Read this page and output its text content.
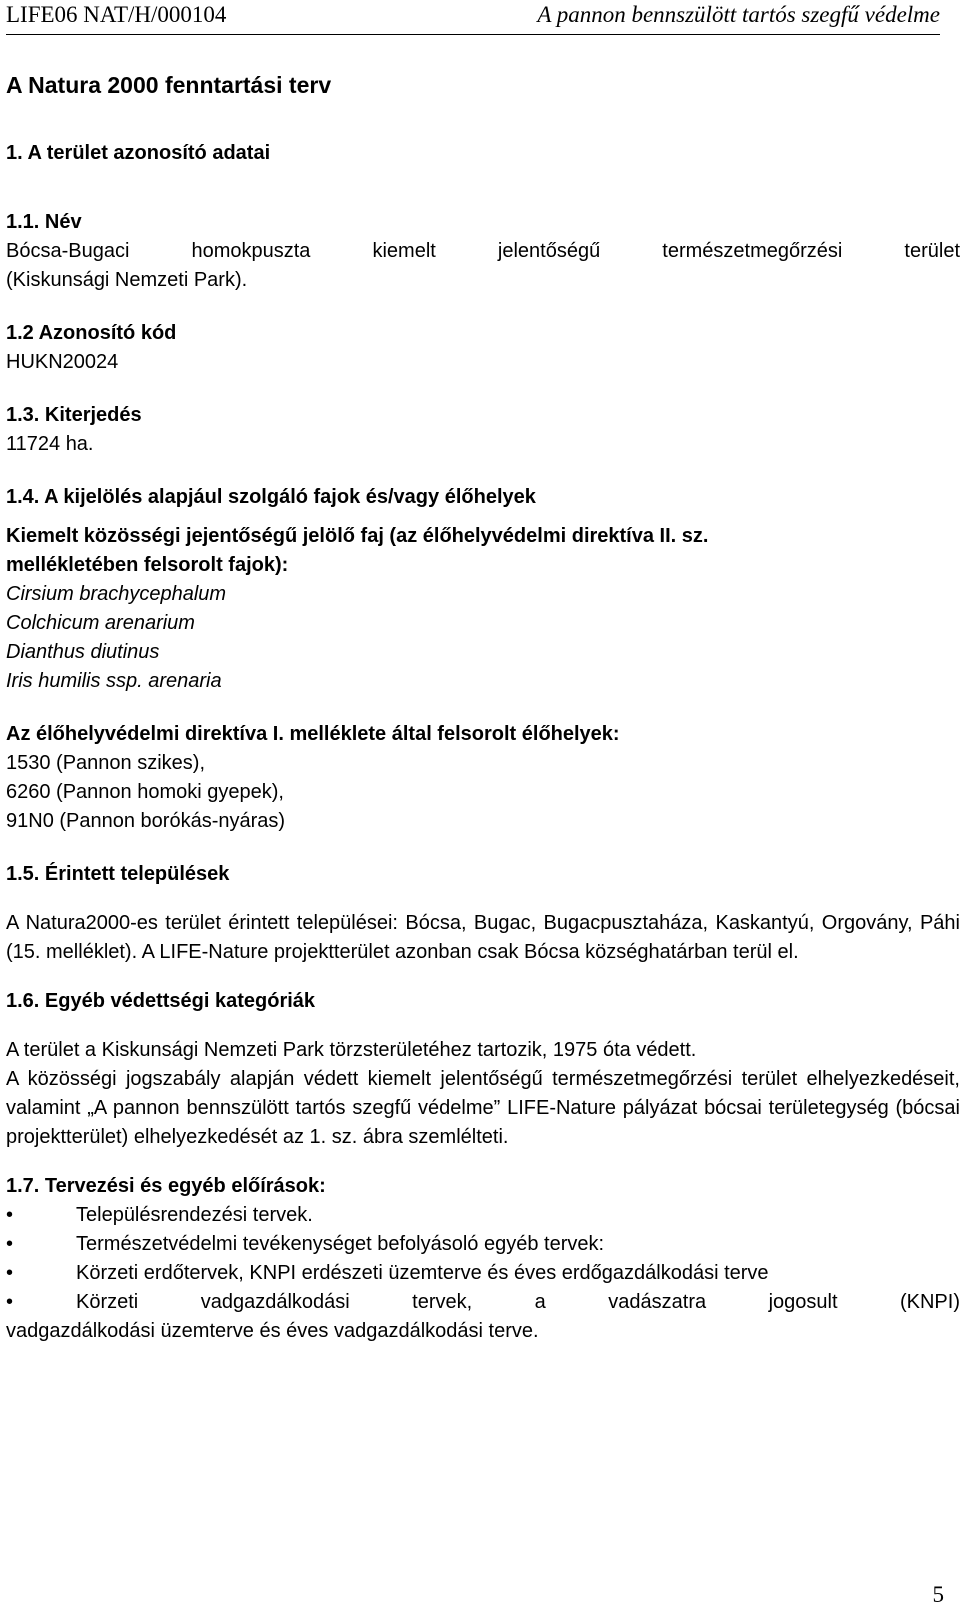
LIFE06 NAT/H/000104	A pannon bennszülött tartós szegfű védelme

A Natura 2000 fenntartási terv

1. A terület azonosító adatai

1.1. Név

Bócsa-Bugaci homokpuszta kiemelt jelentőségű természetmegőrzési terület

(Kiskunsági Nemzeti Park).

1.2 Azonosító kód

HUKN20024

1.3. Kiterjedés

11724 ha.

1.4. A kijelölés alapjául szolgáló fajok és/vagy élőhelyek

Kiemelt közösségi jejentőségű jelölő faj (az élőhelyvédelmi direktíva II. sz.

mellékletében felsorolt fajok):

Cirsium brachycephalum

Colchicum arenarium

Dianthus diutinus

Iris humilis ssp. arenaria

Az élőhelyvédelmi direktíva I. melléklete által felsorolt élőhelyek:

1530 (Pannon szikes),

6260 (Pannon homoki gyepek),

91N0 (Pannon borókás-nyáras)

1.5. Érintett települések

A Natura2000-es terület érintett települései: Bócsa, Bugac, Bugacpusztaháza, Kaskantyú, Orgovány, Páhi (15. melléklet). A LIFE-Nature projektterület azonban csak Bócsa községhatárban terül el.

1.6. Egyéb védettségi kategóriák

A terület a Kiskunsági Nemzeti Park törzsterületéhez tartozik, 1975 óta védett.

A közösségi jogszabály alapján védett kiemelt jelentőségű természetmegőrzési terület elhelyezkedéseit, valamint „A pannon bennszülött tartós szegfű védelme” LIFE-Nature pályázat bócsai területegység (bócsai projektterület) elhelyezkedését az 1. sz. ábra szemlélteti.

1.7. Tervezési és egyéb előírások:

•	Településrendezési tervek.
•	Természetvédelmi tevékenységet befolyásoló egyéb tervek:
•	Körzeti erdőtervek, KNPI erdészeti üzemterve és éves erdőgazdálkodási terve
•	Körzeti vadgazdálkodási tervek, a vadászatra jogosult (KNPI)

vadgazdálkodási üzemterve és éves vadgazdálkodási terve.

5
